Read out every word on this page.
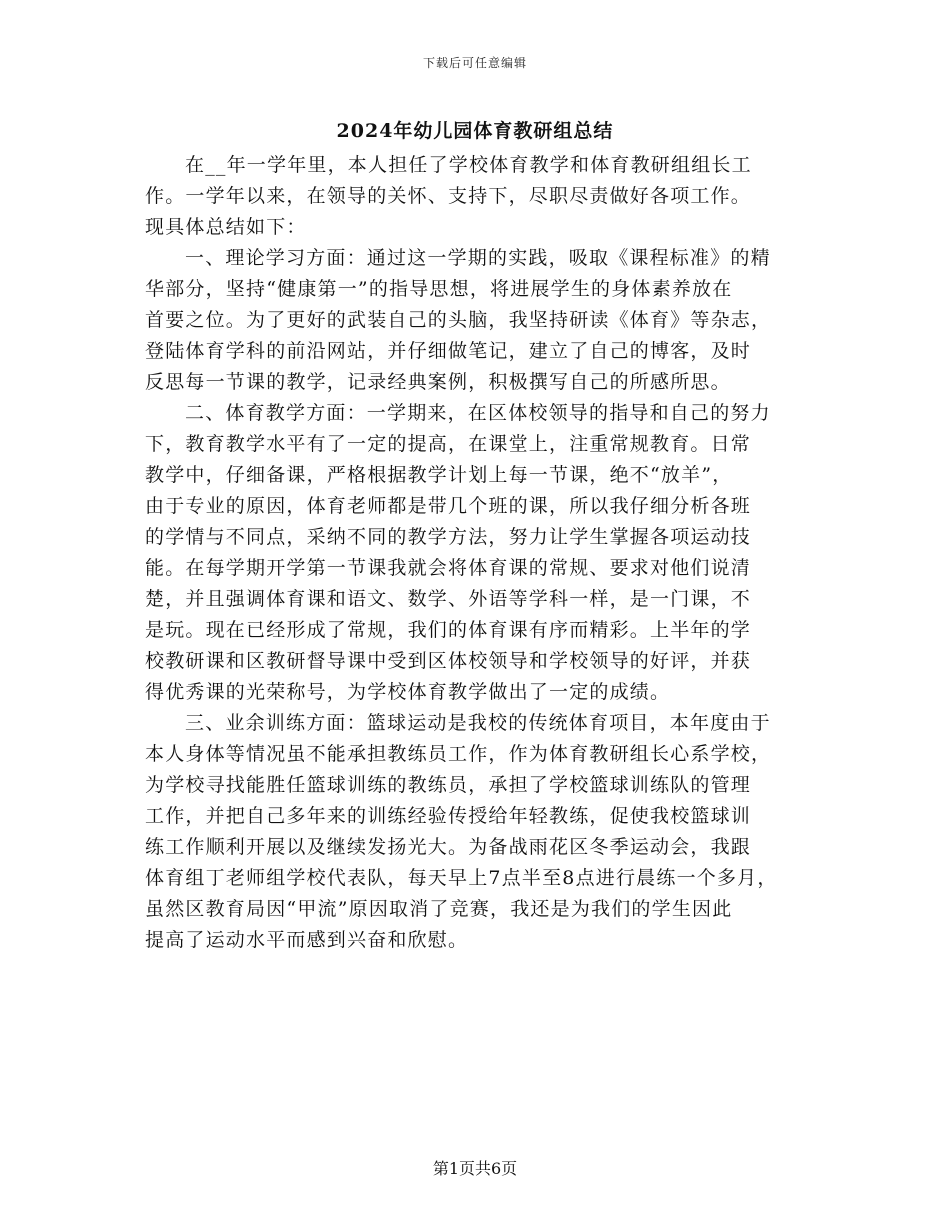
下载后可任意编辑
2024年幼儿园体育教研组总结
在__年一学年里，本人担任了学校体育教学和体育教研组组长工
作。一学年以来，在领导的关怀、支持下，尽职尽责做好各项工作。
现具体总结如下：
一、理论学习方面：通过这一学期的实践，吸取《课程标准》的精
华部分，坚持“健康第一”的指导思想，将进展学生的身体素养放在
首要之位。为了更好的武装自己的头脑，我坚持研读《体育》等杂志，
登陆体育学科的前沿网站，并仔细做笔记，建立了自己的博客，及时
反思每一节课的教学，记录经典案例，积极撰写自己的所感所思。
二、体育教学方面：一学期来，在区体校领导的指导和自己的努力
下，教育教学水平有了一定的提高，在课堂上，注重常规教育。日常
教学中，仔细备课，严格根据教学计划上每一节课，绝不“放羊”，
由于专业的原因，体育老师都是带几个班的课，所以我仔细分析各班
的学情与不同点，采纳不同的教学方法，努力让学生掌握各项运动技
能。在每学期开学第一节课我就会将体育课的常规、要求对他们说清
楚，并且强调体育课和语文、数学、外语等学科一样，是一门课，不
是玩。现在已经形成了常规，我们的体育课有序而精彩。上半年的学
校教研课和区教研督导课中受到区体校领导和学校领导的好评，并获
得优秀课的光荣称号，为学校体育教学做出了一定的成绩。
三、业余训练方面：篮球运动是我校的传统体育项目，本年度由于
本人身体等情况虽不能承担教练员工作，作为体育教研组长心系学校，
为学校寻找能胜任篮球训练的教练员，承担了学校篮球训练队的管理
工作，并把自己多年来的训练经验传授给年轻教练，促使我校篮球训
练工作顺利开展以及继续发扬光大。为备战雨花区冬季运动会，我跟
体育组丁老师组学校代表队，每天早上7点半至8点进行晨练一个多月，
虽然区教育局因“甲流”原因取消了竞赛，我还是为我们的学生因此
提高了运动水平而感到兴奋和欣慰。
第1页共6页
